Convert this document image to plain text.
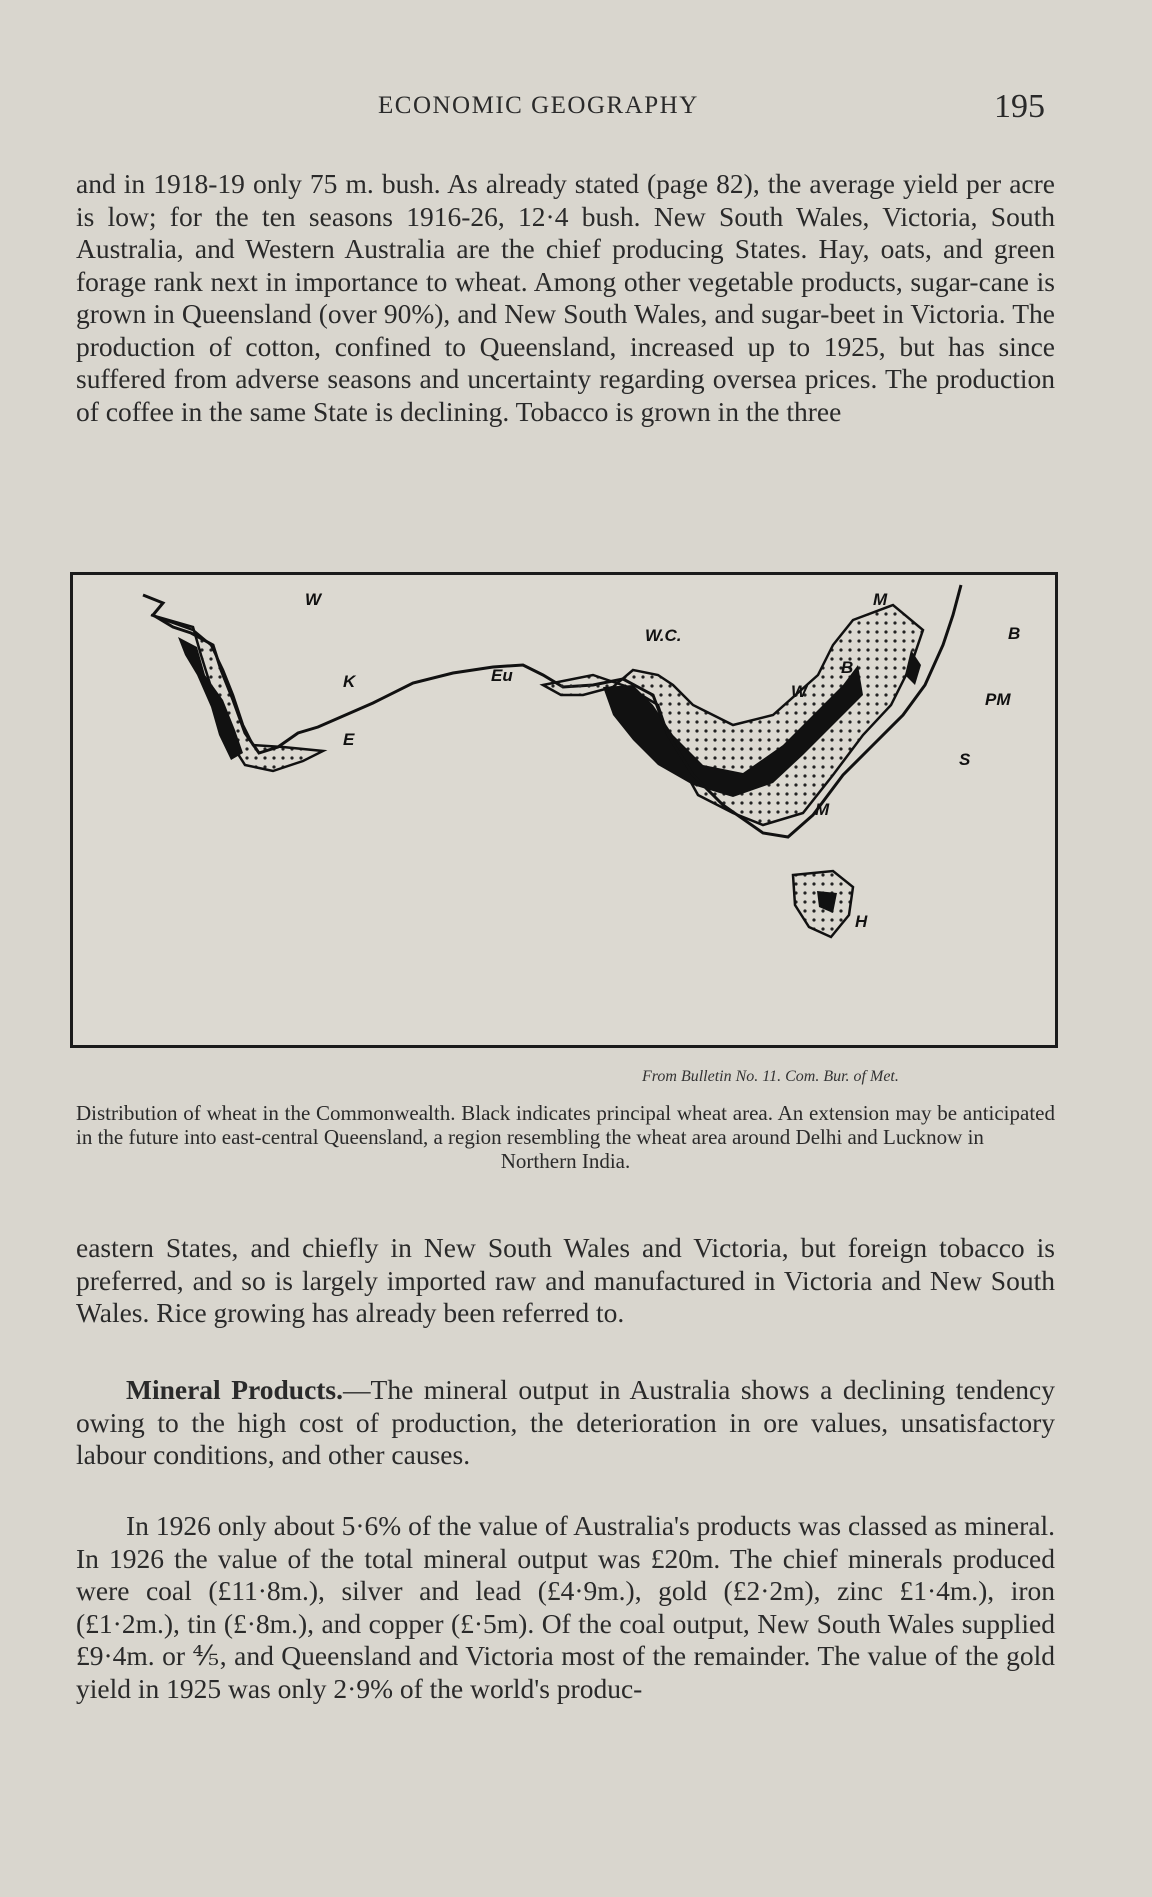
ECONOMIC GEOGRAPHY	195

and in 1918-19 only 75 m. bush. As already stated (page 82), the average yield per acre is low; for the ten seasons 1916-26, 12·4 bush. New South Wales, Victoria, South Australia, and Western Australia are the chief producing States. Hay, oats, and green forage rank next in importance to wheat. Among other vegetable products, sugar-cane is grown in Queensland (over 90%), and New South Wales, and sugar-beet in Victoria. The production of cotton, confined to Queensland, increased up to 1925, but has since suffered from adverse seasons and uncertainty regarding oversea prices. The production of coffee in the same State is declining. Tobacco is grown in the three

W
K	Eu
E
W.C.
B
W
M
B
PM
S
M
H
From Bulletin No. 11. Com. Bur. of Met.

Distribution of wheat in the Commonwealth. Black indicates principal wheat area. An extension may be anticipated in the future into east-central Queensland, a region resembling the wheat area around Delhi and Lucknow in
Northern India.

eastern States, and chiefly in New South Wales and Victoria, but foreign tobacco is preferred, and so is largely imported raw and manufactured in Victoria and New South Wales. Rice growing has already been referred to.

Mineral Products.—The mineral output in Australia shows a declining tendency owing to the high cost of production, the deterioration in ore values, unsatisfactory labour conditions, and other causes.

In 1926 only about 5·6% of the value of Australia's products was classed as mineral. In 1926 the value of the total mineral output was £20m. The chief minerals produced were coal (£11·8m.), silver and lead (£4·9m.), gold (£2·2m), zinc £1·4m.), iron (£1·2m.), tin (£·8m.), and copper (£·5m). Of the coal output, New South Wales supplied £9·4m. or ⅘, and Queensland and Victoria most of the remainder. The value of the gold yield in 1925 was only 2·9% of the world's produc-
